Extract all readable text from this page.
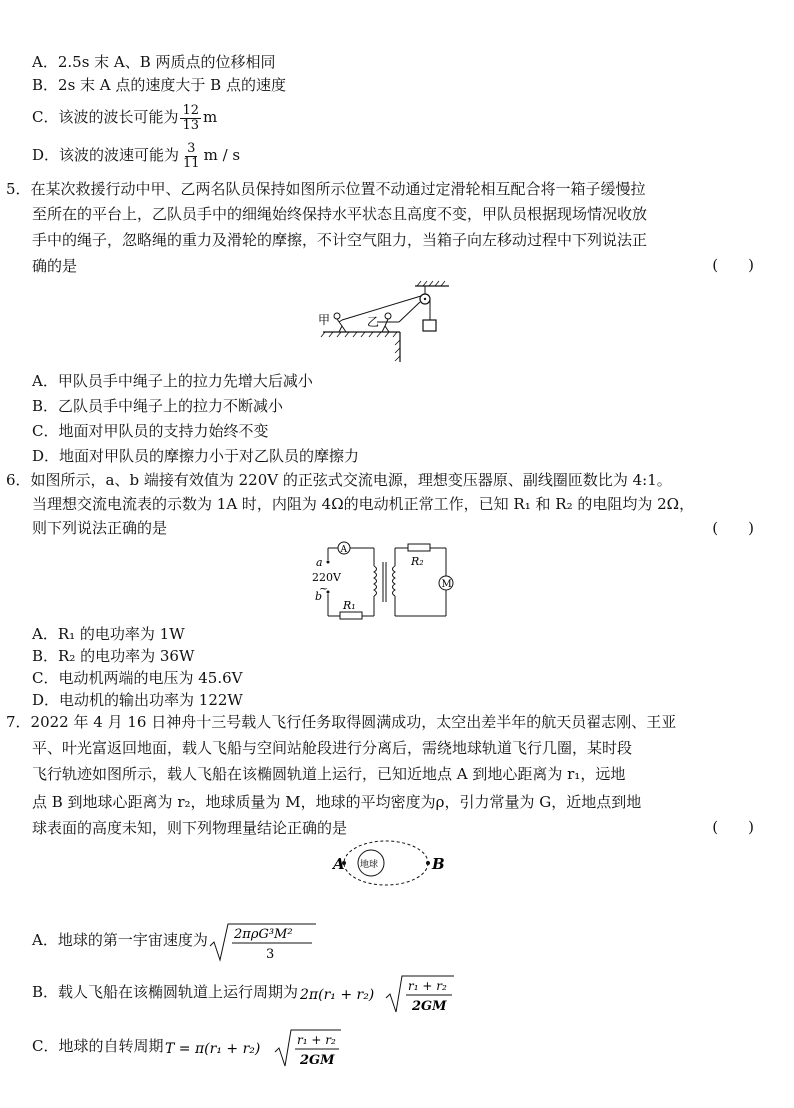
A．2.5s 末 A、B 两质点的位移相同
B．2s 末 A 点的速度大于 B 点的速度
C．该波的波长可能为 $\frac{12}{13}$ m
D．该波的波速可能为 $\frac{3}{11}$ m / s
5．在某次救援行动中甲、乙两名队员保持如图所示位置不动通过定滑轮相互配合将一箱子缓慢拉
至所在的平台上，乙队员手中的细绳始终保持水平状态且高度不变，甲队员根据现场情况收放
手中的绳子，忽略绳的重力及滑轮的摩擦，不计空气阻力，当箱子向左移动过程中下列说法正
确的是	(　　)
甲	乙
A．甲队员手中绳子上的拉力先增大后减小
B．乙队员手中绳子上的拉力不断减小
C．地面对甲队员的支持力始终不变
D．地面对甲队员的摩擦力小于对乙队员的摩擦力
6．如图所示，a、b 端接有效值为 220V 的正弦式交流电源，理想变压器原、副线圈匝数比为 4:1。
当理想交流电流表的示数为 1A 时，内阻为 4Ω的电动机正常工作，已知 R₁ 和 R₂ 的电阻均为 2Ω，
则下列说法正确的是	(　　)
A
a
220V
~
b
R₁
R₂
M
A．R₁ 的电功率为 1W
B．R₂ 的电功率为 36W
C．电动机两端的电压为 45.6V
D．电动机的输出功率为 122W
7．2022 年 4 月 16 日神舟十三号载人飞行任务取得圆满成功，太空出差半年的航天员翟志刚、王亚
平、叶光富返回地面，载人飞船与空间站舱段进行分离后，需绕地球轨道飞行几圈，某时段
飞行轨迹如图所示，载人飞船在该椭圆轨道上运行，已知近地点 A 到地心距离为 r₁，远地
点 B 到地球心距离为 r₂，地球质量为 M，地球的平均密度为ρ，引力常量为 G，近地点到地
球表面的高度未知，则下列物理量结论正确的是	(　　)
地球
A	B
A．地球的第一宇宙速度为 2πρG³M²
3
B．载人飞船在该椭圆轨道上运行周期为 2π(r₁ + r₂)
r₁ + r₂
2GM
C．地球的自转周期 T = π(r₁ + r₂)
r₁ + r₂
2GM
